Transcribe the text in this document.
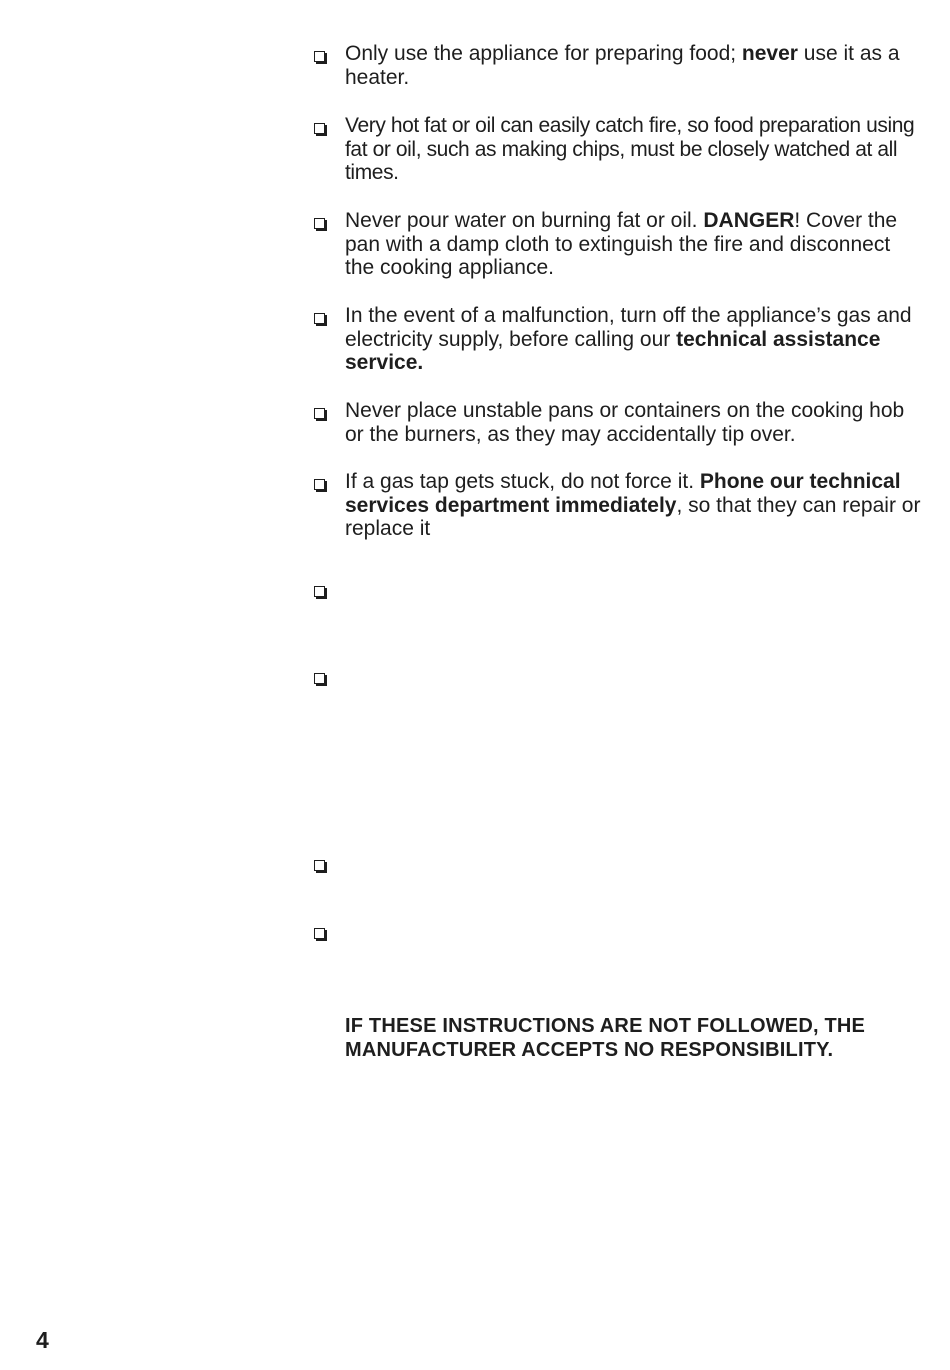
Only use the appliance for preparing food; never use it as a heater.
Very hot fat or oil can easily catch fire, so food preparation using fat or oil, such as making chips, must be closely watched at all times.
Never pour water on burning fat or oil. DANGER! Cover the pan with a damp cloth to extinguish the fire and disconnect the cooking appliance.
In the event of a malfunction, turn off the appliance’s gas and electricity supply, before calling our technical assistance service.
Never place unstable pans or containers on the cooking hob or the burners, as they may accidentally tip over.
If a gas tap gets stuck, do not force it. Phone our technical services department immediately, so that they can repair or replace it
IF THESE INSTRUCTIONS ARE NOT FOLLOWED, THE MANUFACTURER ACCEPTS NO RESPONSIBILITY.
4
